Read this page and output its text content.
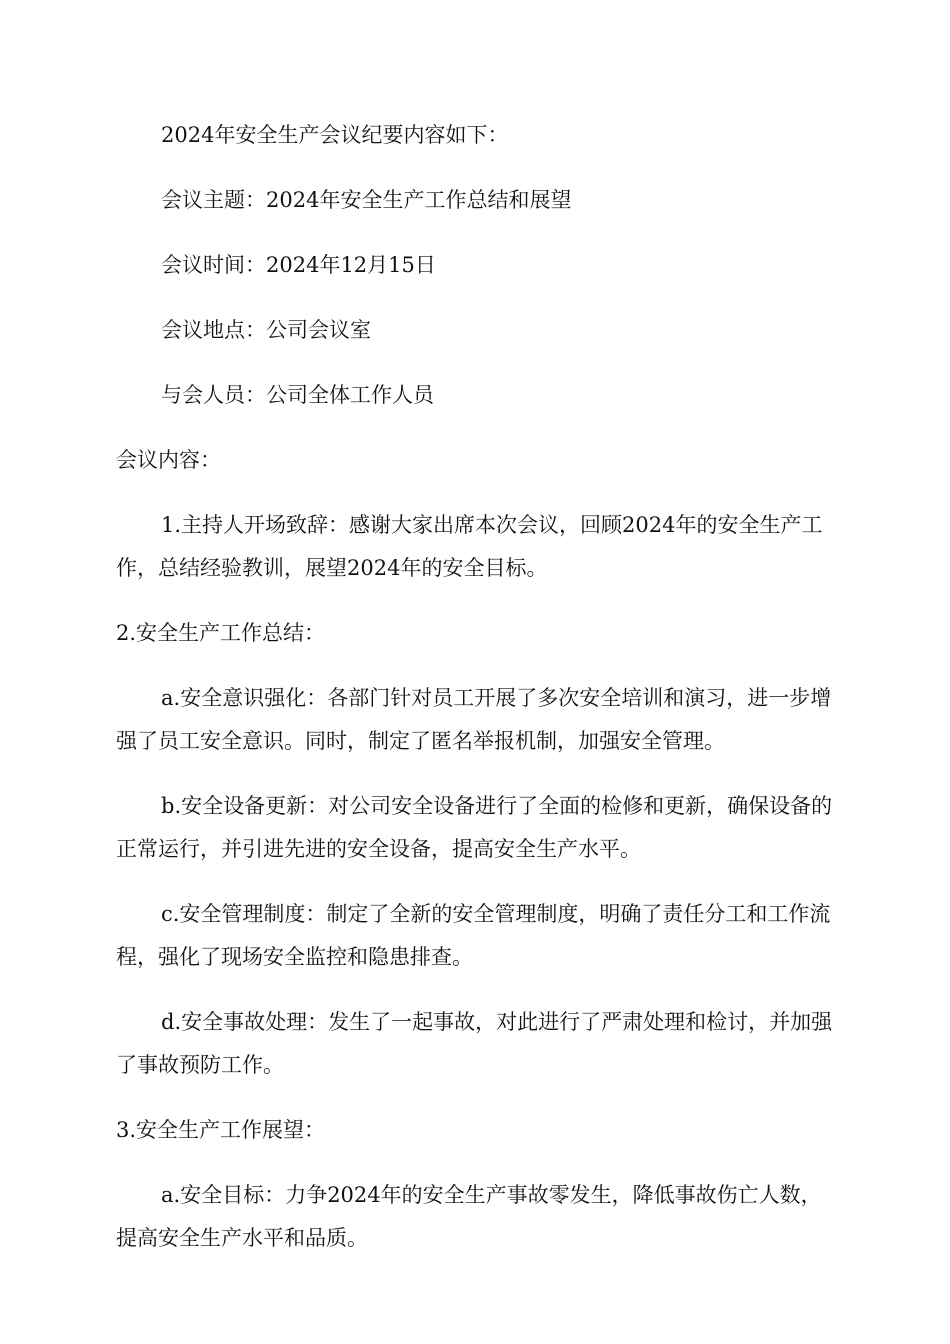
2024年安全生产会议纪要内容如下：

会议主题：2024年安全生产工作总结和展望

会议时间：2024年12月15日

会议地点：公司会议室

与会人员：公司全体工作人员

会议内容：

1.主持人开场致辞：感谢大家出席本次会议，回顾2024年的安全生产工作，总结经验教训，展望2024年的安全目标。

2.安全生产工作总结：

a.安全意识强化：各部门针对员工开展了多次安全培训和演习，进一步增强了员工安全意识。同时，制定了匿名举报机制，加强安全管理。

b.安全设备更新：对公司安全设备进行了全面的检修和更新，确保设备的正常运行，并引进先进的安全设备，提高安全生产水平。

c.安全管理制度：制定了全新的安全管理制度，明确了责任分工和工作流程，强化了现场安全监控和隐患排查。

d.安全事故处理：发生了一起事故，对此进行了严肃处理和检讨，并加强了事故预防工作。

3.安全生产工作展望：

a.安全目标：力争2024年的安全生产事故零发生，降低事故伤亡人数，提高安全生产水平和品质。
